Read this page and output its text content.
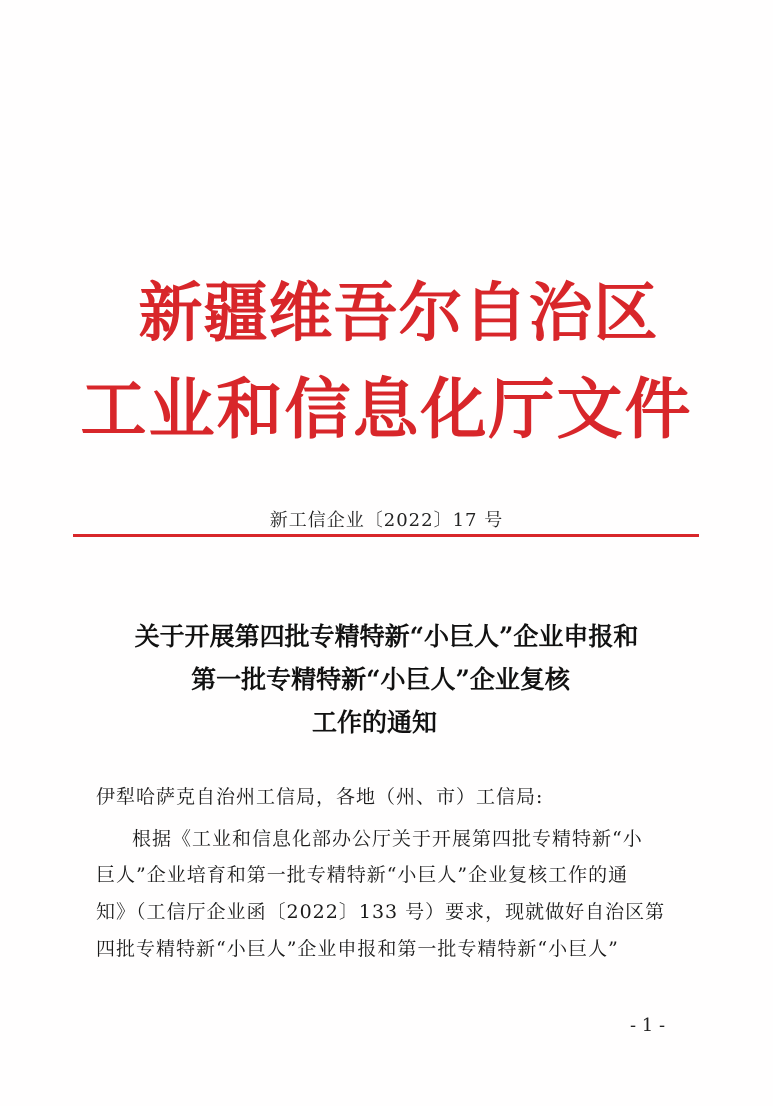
新疆维吾尔自治区
工业和信息化厅文件
新工信企业〔2022〕17 号
关于开展第四批专精特新“小巨人”企业申报和
第一批专精特新“小巨人”企业复核
工作的通知
伊犁哈萨克自治州工信局，各地（州、市）工信局:
根据《工业和信息化部办公厅关于开展第四批专精特新“小
巨人”企业培育和第一批专精特新“小巨人”企业复核工作的通
知》（工信厅企业函〔2022〕133 号）要求，现就做好自治区第
四批专精特新“小巨人”企业申报和第一批专精特新“小巨人”
- 1 -
